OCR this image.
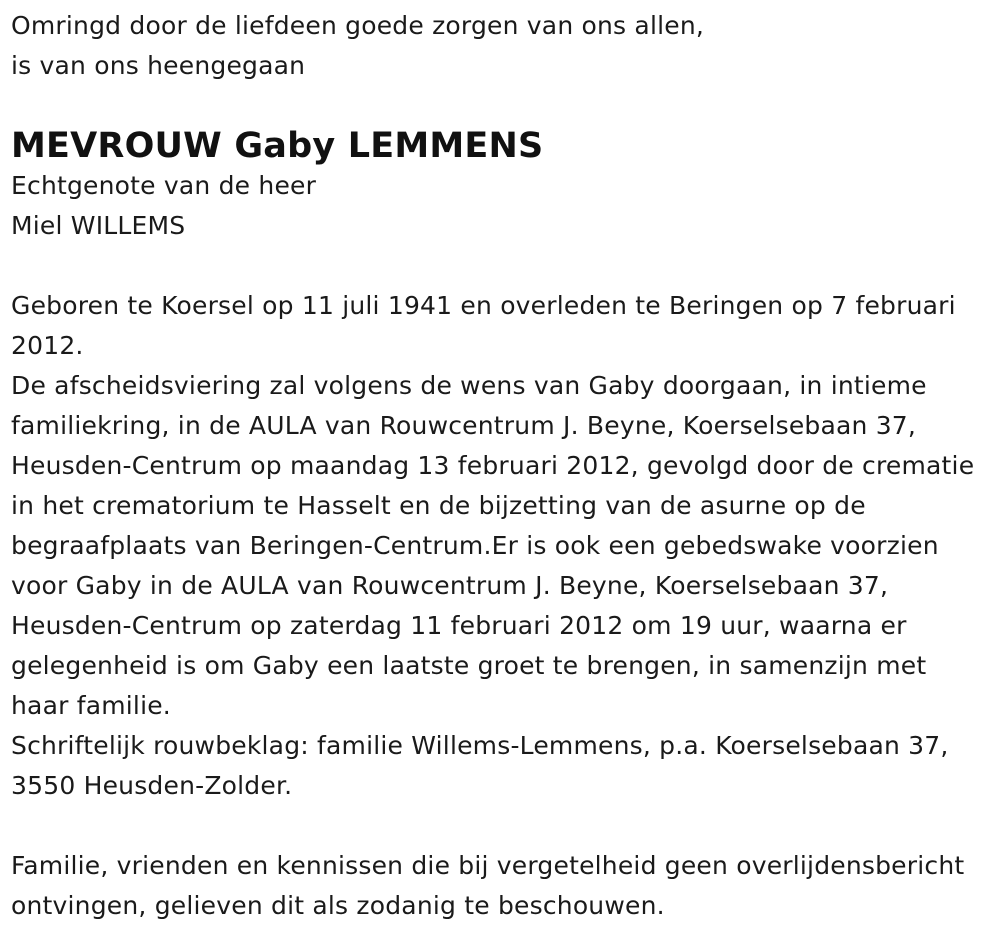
Omringd door de liefdeen goede zorgen van ons allen,
is van ons heengegaan
MEVROUW Gaby LEMMENS
Echtgenote van de heer
Miel WILLEMS

Geboren te Koersel op 11 juli 1941 en overleden te Beringen op 7 februari 2012.

De afscheidsviering zal volgens de wens van Gaby doorgaan, in intieme familiekring, in de AULA van Rouwcentrum J. Beyne, Koerselsebaan 37, Heusden-Centrum op maandag 13 februari 2012, gevolgd door de crematie in het crematorium te Hasselt en de bijzetting van de asurne op de begraafplaats van Beringen-Centrum.Er is ook een gebedswake voorzien voor Gaby in de AULA van Rouwcentrum J. Beyne, Koerselsebaan 37, Heusden-Centrum op zaterdag 11 februari 2012 om 19 uur, waarna er gelegenheid is om Gaby een laatste groet te brengen, in samenzijn met haar familie.

Schriftelijk rouwbeklag: familie Willems-Lemmens, p.a. Koerselsebaan 37, 3550 Heusden-Zolder.

Familie, vrienden en kennissen die bij vergetelheid geen overlijdensbericht ontvingen, gelieven dit als zodanig te beschouwen.
